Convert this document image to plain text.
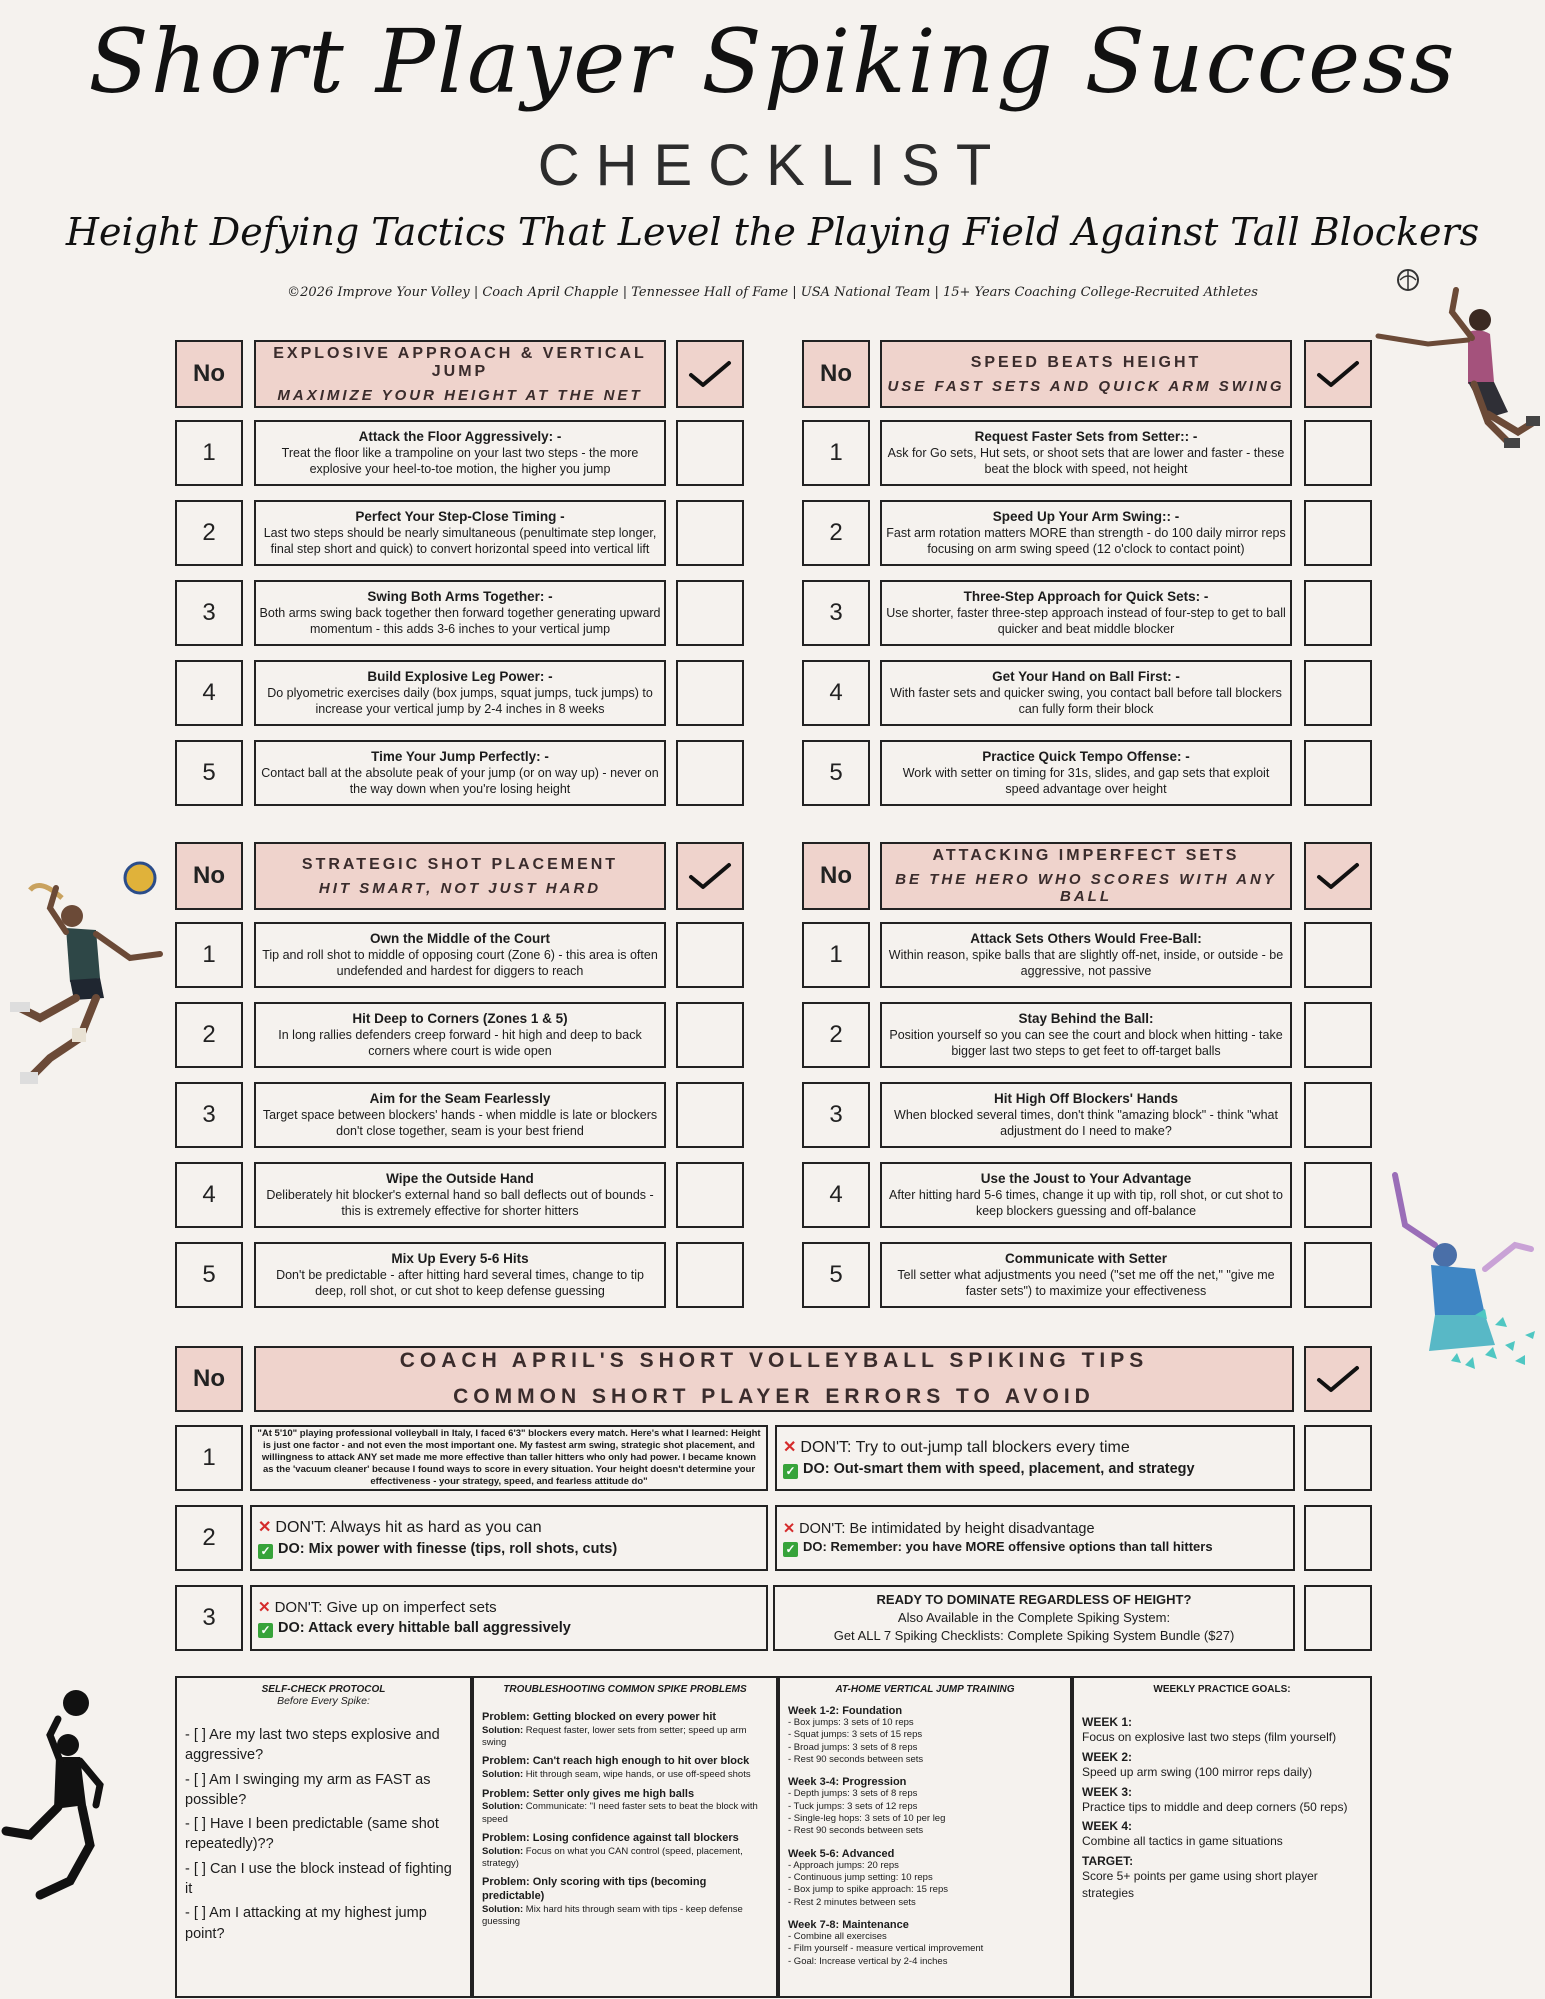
Short Player Spiking Success
CHECKLIST
Height Defying Tactics That Level the Playing Field Against Tall Blockers
©2026 Improve Your Volley | Coach April Chapple | Tennessee Hall of Fame | USA National Team | 15+ Years Coaching College-Recruited Athletes
No
EXPLOSIVE APPROACH & VERTICAL JUMP
MAXIMIZE YOUR HEIGHT AT THE NET
1
Attack the Floor Aggressively: -
Treat the floor like a trampoline on your last two steps - the more explosive your heel-to-toe motion, the higher you jump
2
Perfect Your Step-Close Timing -
Last two steps should be nearly simultaneous (penultimate step longer, final step short and quick) to convert horizontal speed into vertical lift
3
Swing Both Arms Together: -
Both arms swing back together then forward together generating upward momentum - this adds 3-6 inches to your vertical jump
4
Build Explosive Leg Power: -
Do plyometric exercises daily (box jumps, squat jumps, tuck jumps) to increase your vertical jump by 2-4 inches in 8 weeks
5
Time Your Jump Perfectly: -
Contact ball at the absolute peak of your jump (or on way up) - never on the way down when you're losing height
No	SPEED BEATS HEIGHT
USE FAST SETS AND QUICK ARM SWING
1
Request Faster Sets from Setter:: -
Ask for Go sets, Hut sets, or shoot sets that are lower and faster - these beat the block with speed, not height
2
Speed Up Your Arm Swing:: -
Fast arm rotation matters MORE than strength - do 100 daily mirror reps focusing on arm swing speed (12 o'clock to contact point)
3
Three-Step Approach for Quick Sets: -
Use shorter, faster three-step approach instead of four-step to get to ball quicker and beat middle blocker
4
Get Your Hand on Ball First: -
With faster sets and quicker swing, you contact ball before tall blockers can fully form their block
5
Practice Quick Tempo Offense: -
Work with setter on timing for 31s, slides, and gap sets that exploit speed advantage over height
No	STRATEGIC SHOT PLACEMENT
HIT SMART, NOT JUST HARD
1
Own the Middle of the Court
Tip and roll shot to middle of opposing court (Zone 6) - this area is often undefended and hardest for diggers to reach
2
Hit Deep to Corners (Zones 1 & 5)
In long rallies defenders creep forward - hit high and deep to back corners where court is wide open
3
Aim for the Seam Fearlessly
Target space between blockers' hands - when middle is late or blockers don't close together, seam is your best friend
4
Wipe the Outside Hand
Deliberately hit blocker's external hand so ball deflects out of bounds - this is extremely effective for shorter hitters
5
Mix Up Every 5-6 Hits
Don't be predictable - after hitting hard several times, change to tip deep, roll shot, or cut shot to keep defense guessing
No
ATTACKING IMPERFECT SETS
BE THE HERO WHO SCORES WITH ANY BALL
1
Attack Sets Others Would Free-Ball:
Within reason, spike balls that are slightly off-net, inside, or outside - be aggressive, not passive
2
Stay Behind the Ball:
Position yourself so you can see the court and block when hitting - take bigger last two steps to get feet to off-target balls
3
Hit High Off Blockers' Hands
When blocked several times, don't think "amazing block" - think "what adjustment do I need to make?
4
Use the Joust to Your Advantage
After hitting hard 5-6 times, change it up with tip, roll shot, or cut shot to keep blockers guessing and off-balance
5
Communicate with Setter
Tell setter what adjustments you need ("set me off the net," "give me faster sets") to maximize your effectiveness
No
COACH APRIL'S SHORT VOLLEYBALL SPIKING TIPS
COMMON SHORT PLAYER ERRORS TO AVOID
1
"At 5'10" playing professional volleyball in Italy, I faced 6'3" blockers every match. Here's what I learned: Height is just one factor - and not even the most important one. My fastest arm swing, strategic shot placement, and willingness to attack ANY set made me more effective than taller hitters who only had power. I became known as the 'vacuum cleaner' because I found ways to score in every situation. Your height doesn't determine your effectiveness - your strategy, speed, and fearless attitude do"
✕ DON'T: Try to out-jump tall blockers every time
✓ DO: Out-smart them with speed, placement, and strategy
2	✕ DON'T: Always hit as hard as you can
✓ DO: Mix power with finesse (tips, roll shots, cuts)
✕ DON'T: Be intimidated by height disadvantage
✓ DO: Remember: you have MORE offensive options than tall hitters
3	✕ DON'T: Give up on imperfect sets
✓ DO: Attack every hittable ball aggressively
READY TO DOMINATE REGARDLESS OF HEIGHT?
Also Available in the Complete Spiking System:
Get ALL 7 Spiking Checklists: Complete Spiking System Bundle ($27)
SELF-CHECK PROTOCOL
Before Every Spike:
- [ ] Are my last two steps explosive and aggressive?
- [ ] Am I swinging my arm as FAST as possible?
- [ ] Have I been predictable (same shot repeatedly)??
- [ ] Can I use the block instead of fighting it
- [ ] Am I attacking at my highest jump point?
TROUBLESHOOTING COMMON SPIKE PROBLEMS
Problem: Getting blocked on every power hit
Solution: Request faster, lower sets from setter; speed up arm swing
Problem: Can't reach high enough to hit over block
Solution: Hit through seam, wipe hands, or use off-speed shots
Problem: Setter only gives me high balls
Solution: Communicate: "I need faster sets to beat the block with speed
Problem: Losing confidence against tall blockers
Solution: Focus on what you CAN control (speed, placement, strategy)
Problem: Only scoring with tips (becoming predictable)
Solution: Mix hard hits through seam with tips - keep defense guessing
AT-HOME VERTICAL JUMP TRAINING
Week 1-2: Foundation
- Box jumps: 3 sets of 10 reps
- Squat jumps: 3 sets of 15 reps
- Broad jumps: 3 sets of 8 reps
- Rest 90 seconds between sets
Week 3-4: Progression
- Depth jumps: 3 sets of 8 reps
- Tuck jumps: 3 sets of 12 reps
- Single-leg hops: 3 sets of 10 per leg
- Rest 90 seconds between sets
Week 5-6: Advanced
- Approach jumps: 20 reps
- Continuous jump setting: 10 reps
- Box jump to spike approach: 15 reps
- Rest 2 minutes between sets
Week 7-8: Maintenance
- Combine all exercises
- Film yourself - measure vertical improvement
- Goal: Increase vertical by 2-4 inches
WEEKLY PRACTICE GOALS:
WEEK 1:
Focus on explosive last two steps (film yourself)
WEEK 2:
Speed up arm swing (100 mirror reps daily)
WEEK 3:
Practice tips to middle and deep corners (50 reps)
WEEK 4:
Combine all tactics in game situations
TARGET:
Score 5+ points per game using short player strategies
